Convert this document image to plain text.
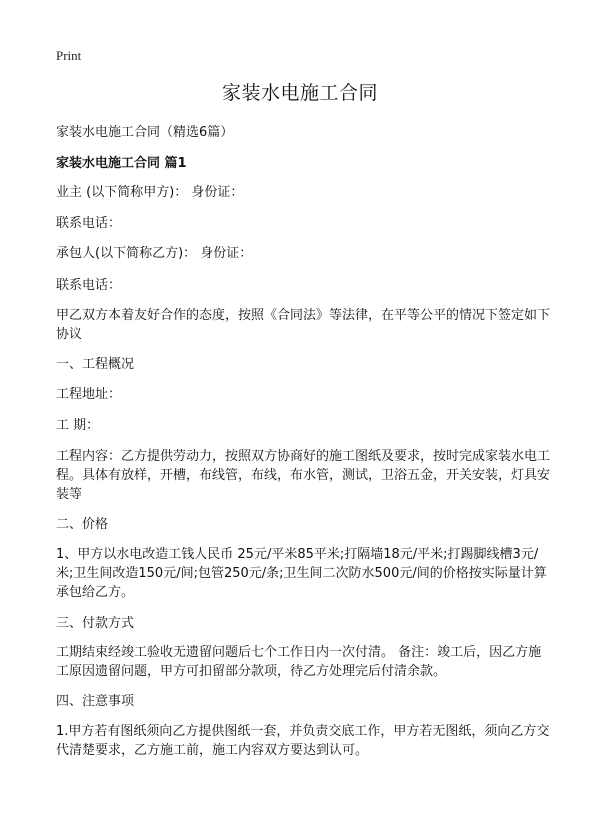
Print
家装水电施工合同
家装水电施工合同（精选6篇）
家装水电施工合同 篇1

业主 (以下简称甲方)： 身份证：

联系电话：

承包人(以下简称乙方)： 身份证：

联系电话：

甲乙双方本着友好合作的态度，按照《合同法》等法律，在平等公平的情况下签定如下协议

一、工程概况

工程地址：

工 期：

工程内容：乙方提供劳动力，按照双方协商好的施工图纸及要求，按时完成家装水电工程。具体有放样，开槽，布线管，布线，布水管，测试，卫浴五金，开关安装，灯具安装等

二、价格

1、甲方以水电改造工钱人民币 25元/平米85平米;打隔墙18元/平米;打踢脚线槽3元/米;卫生间改造150元/间;包管250元/条;卫生间二次防水500元/间的价格按实际量计算承包给乙方。

三、付款方式

工期结束经竣工验收无遗留问题后七个工作日内一次付清。 备注：竣工后，因乙方施工原因遗留问题，甲方可扣留部分款项，待乙方处理完后付清余款。

四、注意事项

1.甲方若有图纸须向乙方提供图纸一套，并负责交底工作，甲方若无图纸，须向乙方交代清楚要求，乙方施工前，施工内容双方要达到认可。
